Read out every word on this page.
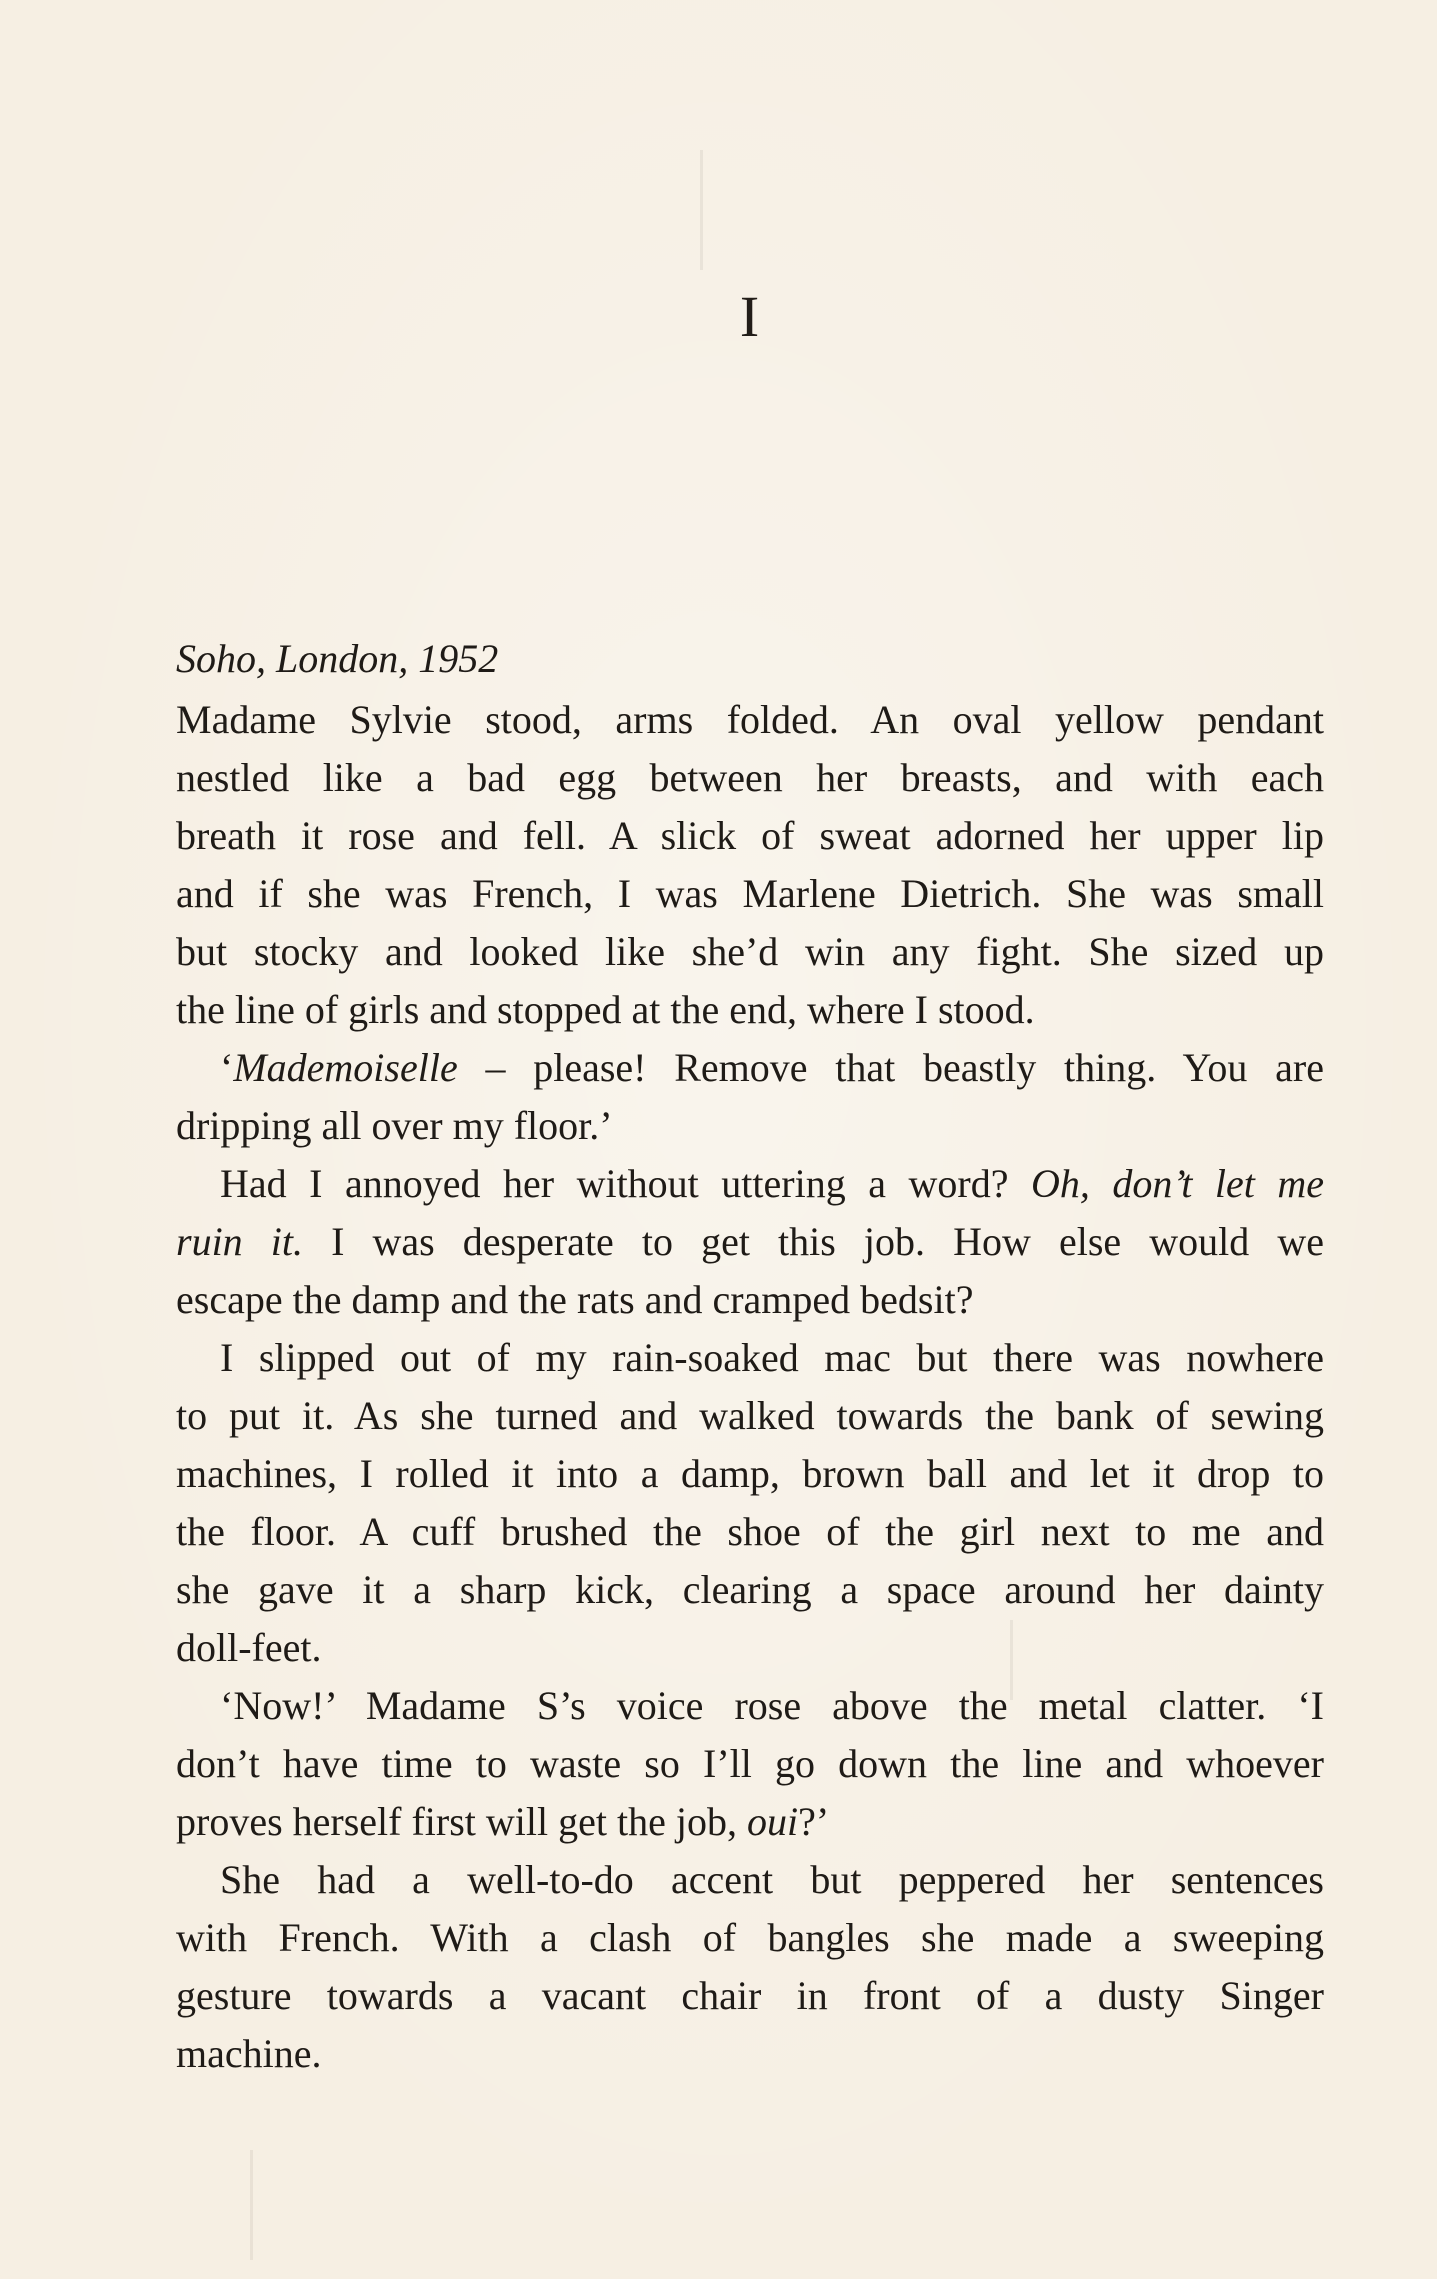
I
Soho, London, 1952
Madame Sylvie stood, arms folded. An oval yellow pendant
nestled like a bad egg between her breasts, and with each
breath it rose and fell. A slick of sweat adorned her upper lip
and if she was French, I was Marlene Dietrich. She was small
but stocky and looked like she’d win any fight. She sized up
the line of girls and stopped at the end, where I stood.
‘Mademoiselle – please! Remove that beastly thing. You are
dripping all over my floor.’
Had I annoyed her without uttering a word? Oh, don’t let me
ruin it. I was desperate to get this job. How else would we
escape the damp and the rats and cramped bedsit?
I slipped out of my rain-soaked mac but there was nowhere
to put it. As she turned and walked towards the bank of sewing
machines, I rolled it into a damp, brown ball and let it drop to
the floor. A cuff brushed the shoe of the girl next to me and
she gave it a sharp kick, clearing a space around her dainty
doll-feet.
‘Now!’ Madame S’s voice rose above the metal clatter. ‘I
don’t have time to waste so I’ll go down the line and whoever
proves herself first will get the job, oui?’
She had a well-to-do accent but peppered her sentences
with French. With a clash of bangles she made a sweeping
gesture towards a vacant chair in front of a dusty Singer
machine.
